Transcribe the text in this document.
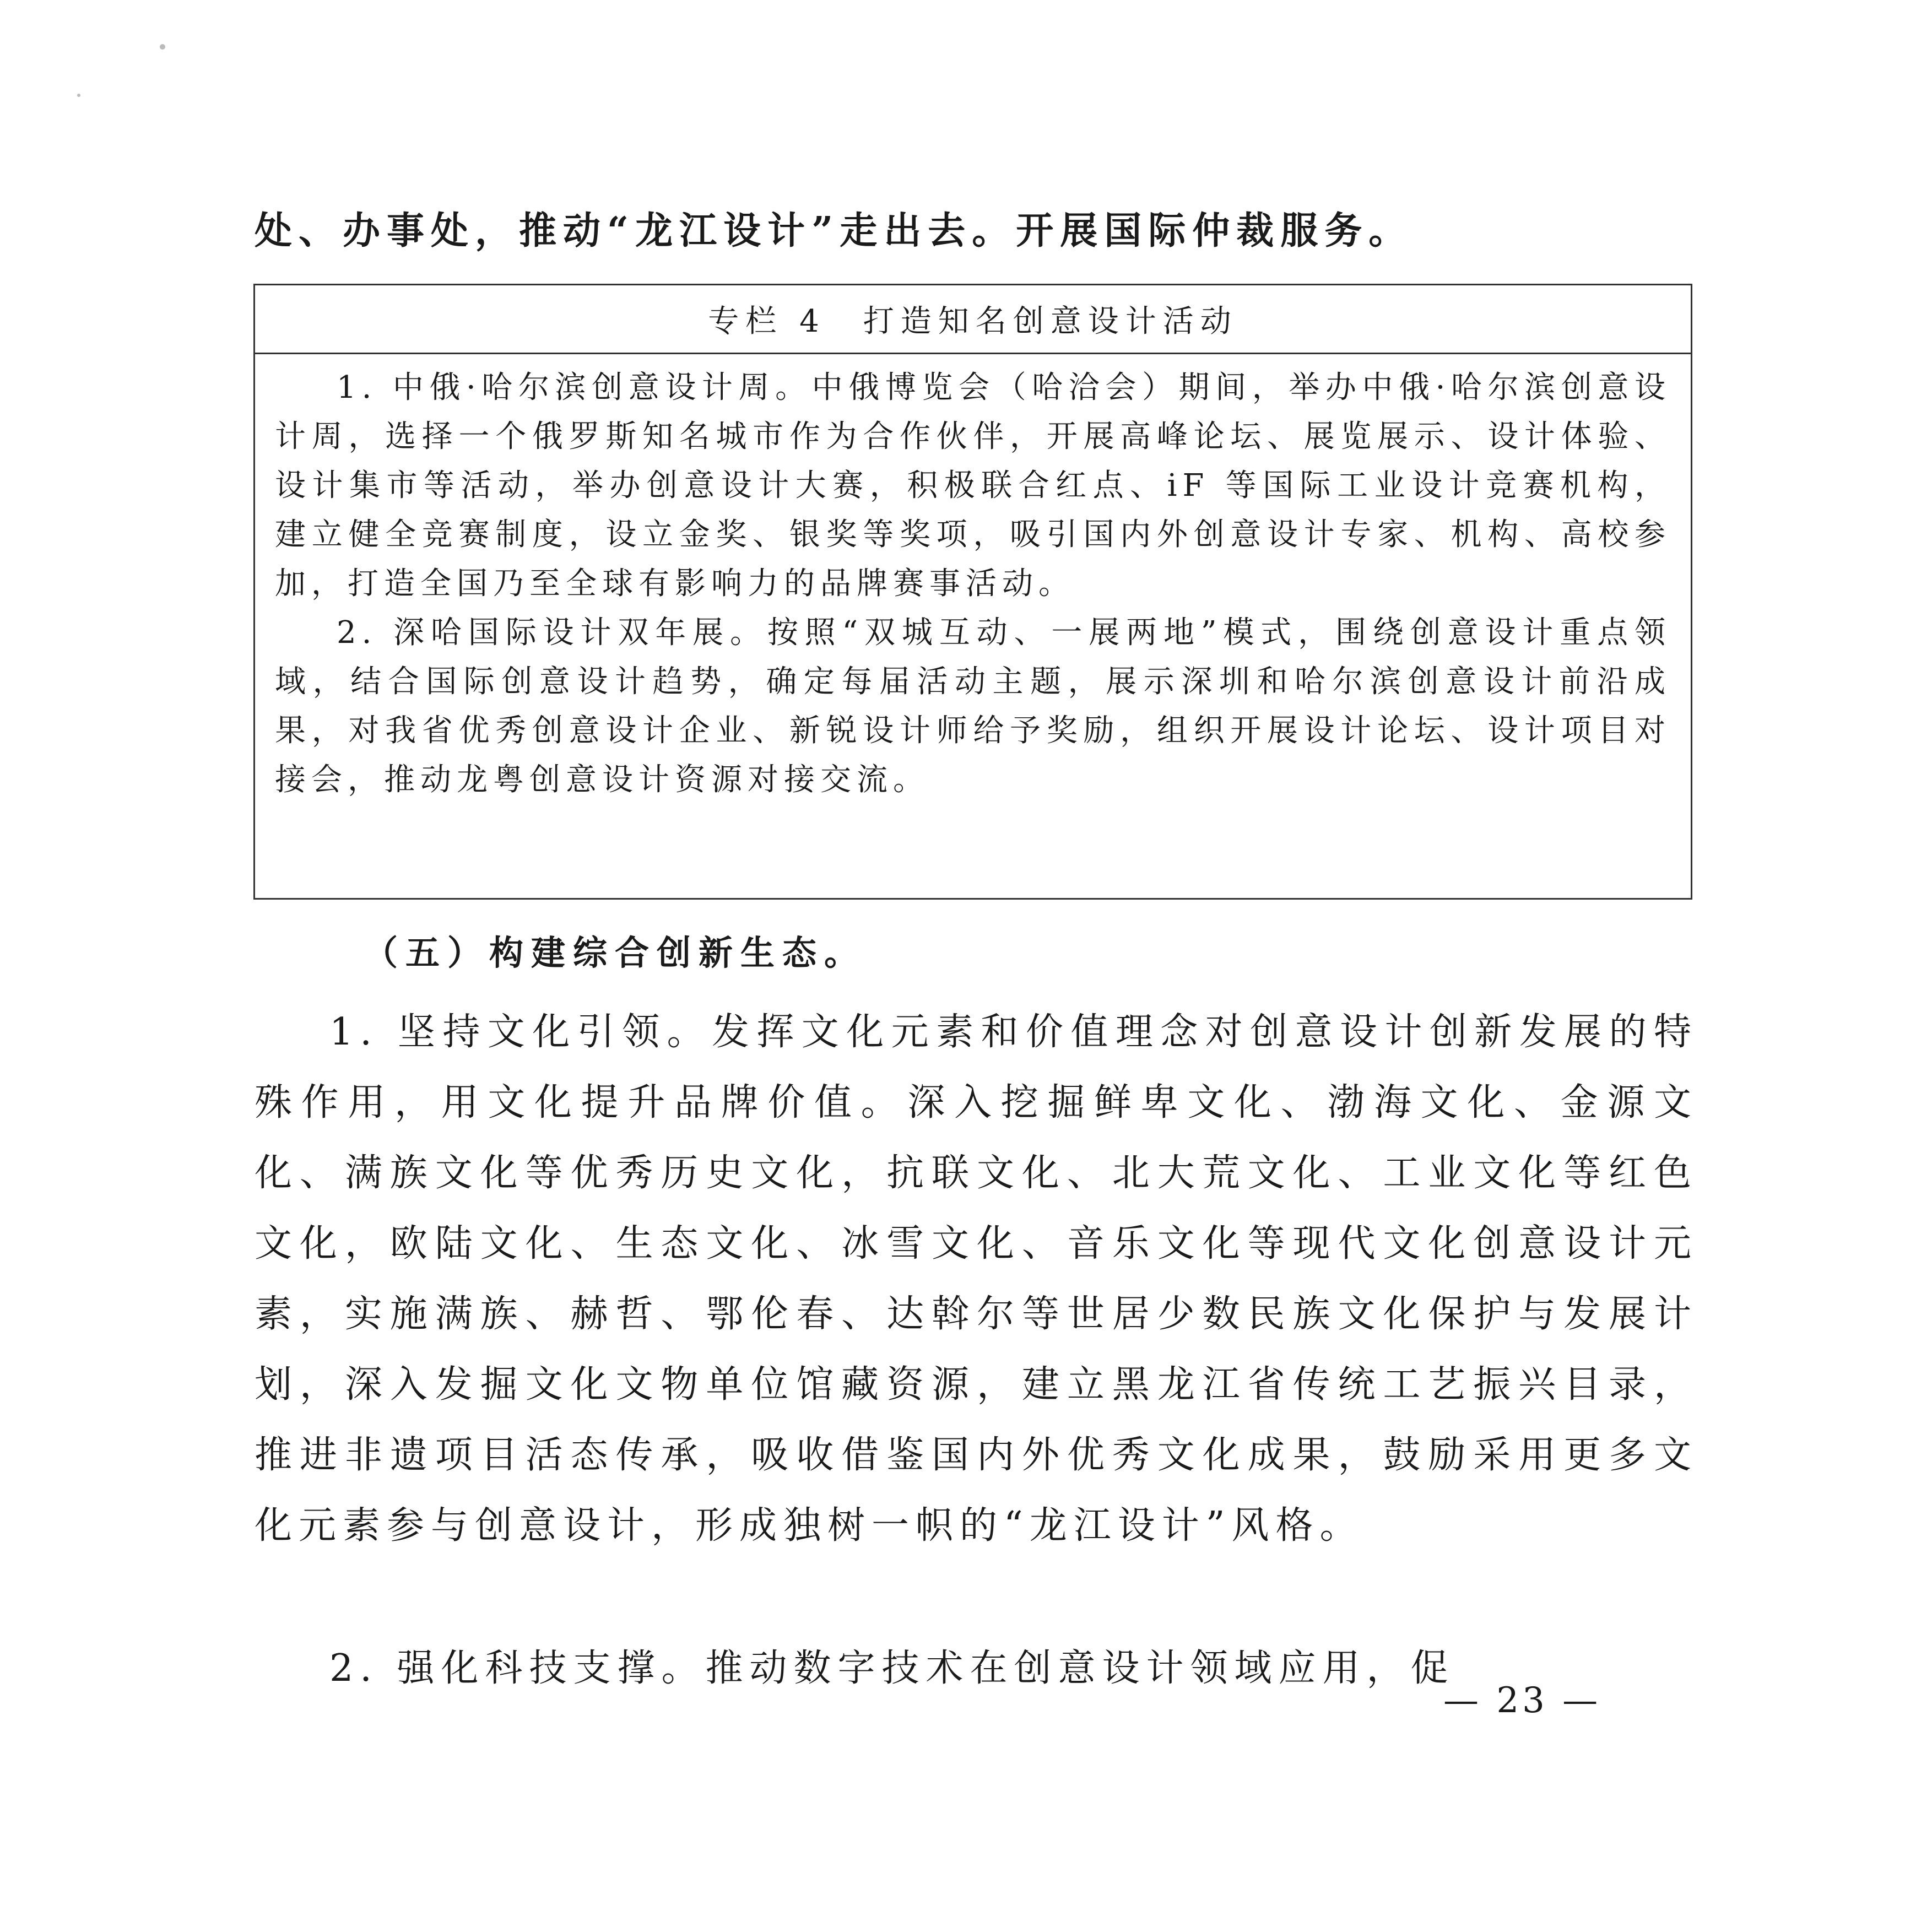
处、办事处，推动“龙江设计”走出去。开展国际仲裁服务。

专栏 4　打造知名创意设计活动

1. 中俄·哈尔滨创意设计周。中俄博览会（哈洽会）期间，举办中俄·哈尔滨创意设计周，选择一个俄罗斯知名城市作为合作伙伴，开展高峰论坛、展览展示、设计体验、设计集市等活动，举办创意设计大赛，积极联合红点、iF 等国际工业设计竞赛机构，建立健全竞赛制度，设立金奖、银奖等奖项，吸引国内外创意设计专家、机构、高校参加，打造全国乃至全球有影响力的品牌赛事活动。

2. 深哈国际设计双年展。按照“双城互动、一展两地”模式，围绕创意设计重点领域，结合国际创意设计趋势，确定每届活动主题，展示深圳和哈尔滨创意设计前沿成果，对我省优秀创意设计企业、新锐设计师给予奖励，组织开展设计论坛、设计项目对接会，推动龙粤创意设计资源对接交流。

（五）构建综合创新生态。

1. 坚持文化引领。发挥文化元素和价值理念对创意设计创新发展的特殊作用，用文化提升品牌价值。深入挖掘鲜卑文化、渤海文化、金源文化、满族文化等优秀历史文化，抗联文化、北大荒文化、工业文化等红色文化，欧陆文化、生态文化、冰雪文化、音乐文化等现代文化创意设计元素，实施满族、赫哲、鄂伦春、达斡尔等世居少数民族文化保护与发展计划，深入发掘文化文物单位馆藏资源，建立黑龙江省传统工艺振兴目录，推进非遗项目活态传承，吸收借鉴国内外优秀文化成果，鼓励采用更多文化元素参与创意设计，形成独树一帜的“龙江设计”风格。

2. 强化科技支撑。推动数字技术在创意设计领域应用，促

— 23 —
